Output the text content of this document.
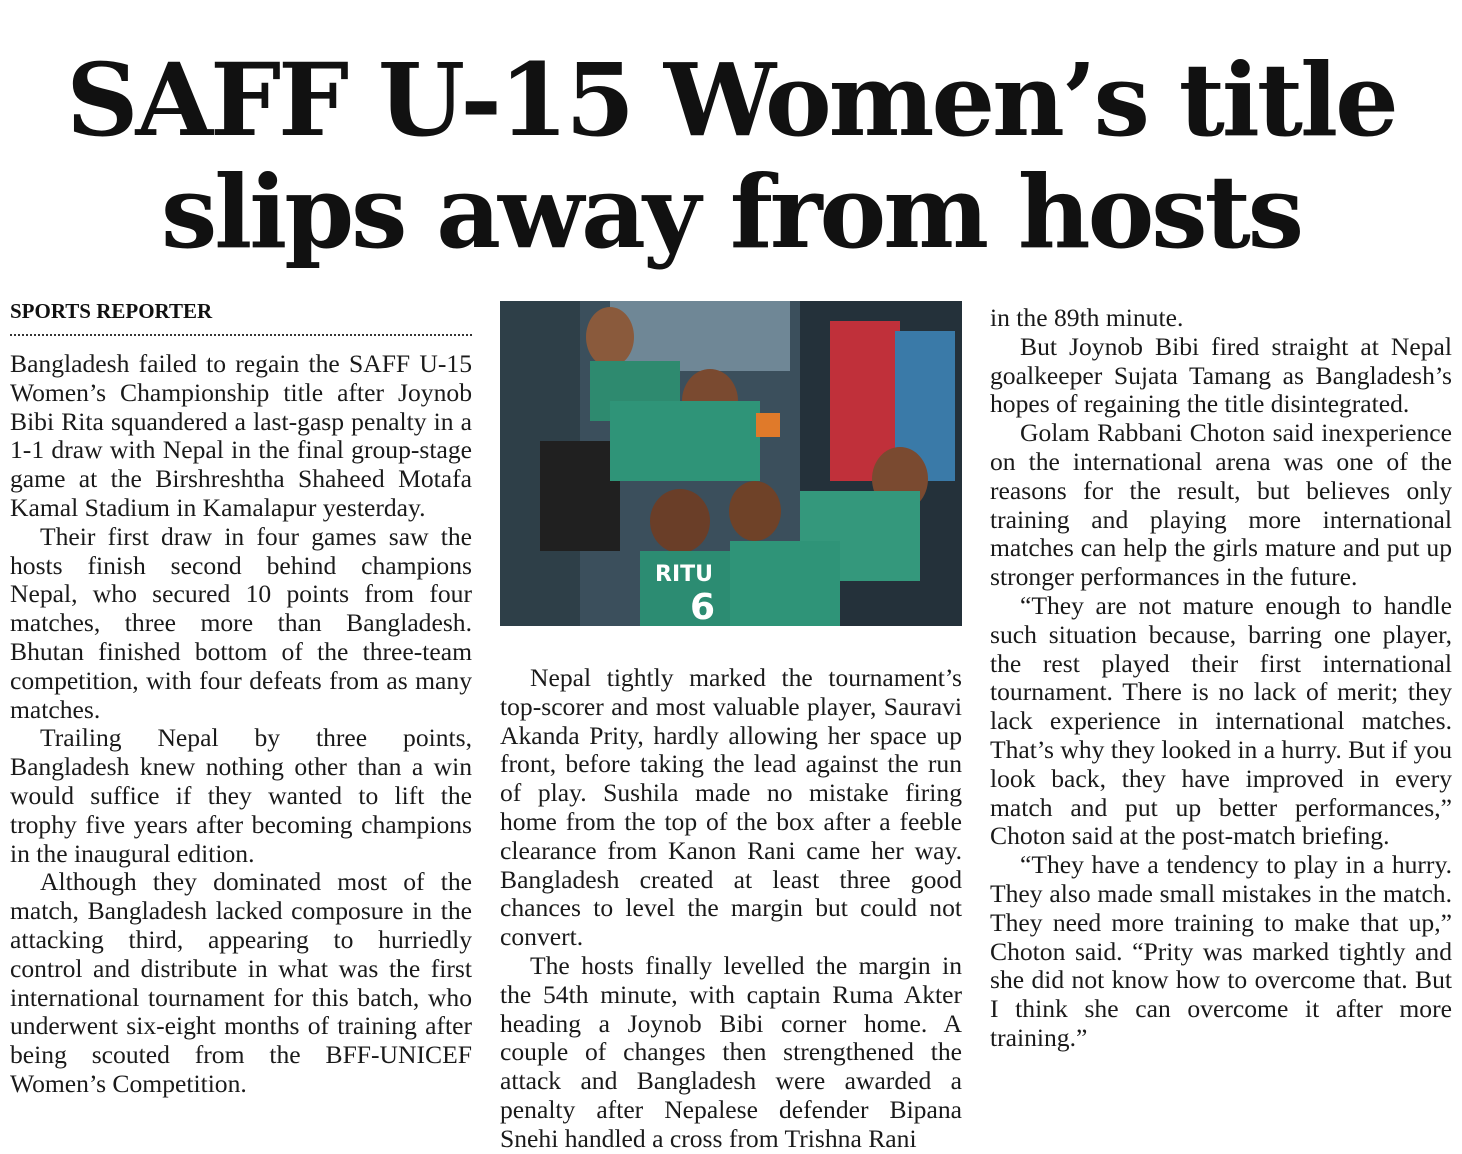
SAFF U-15 Women’s title
slips away from hosts
SPORTS REPORTER

Bangladesh failed to regain the SAFF U-15 Women’s Championship title after Joynob Bibi Rita squandered a last-gasp penalty in a 1-1 draw with Nepal in the final group-stage game at the Birshreshtha Shaheed Motafa Kamal Stadium in Kamalapur yesterday.

Their first draw in four games saw the hosts finish second behind champions Nepal, who secured 10 points from four matches, three more than Bangladesh. Bhutan finished bottom of the three-team competition, with four defeats from as many matches.

Trailing Nepal by three points, Bangladesh knew nothing other than a win would suffice if they wanted to lift the trophy five years after becoming champions in the inaugural edition.

Although they dominated most of the match, Bangladesh lacked composure in the attacking third, appearing to hurriedly control and distribute in what was the first international tournament for this batch, who underwent six-eight months of training after being scouted from the BFF-UNICEF Women’s Competition.

RITU
6

Nepal tightly marked the tournament’s top-scorer and most valuable player, Sauravi Akanda Prity, hardly allowing her space up front, before taking the lead against the run of play. Sushila made no mistake firing home from the top of the box after a feeble clearance from Kanon Rani came her way. Bangladesh created at least three good chances to level the margin but could not convert.

The hosts finally levelled the margin in the 54th minute, with captain Ruma Akter heading a Joynob Bibi corner home. A couple of changes then strengthened the attack and Bangladesh were awarded a penalty after Nepalese defender Bipana Snehi handled a cross from Trishna Rani

in the 89th minute.

But Joynob Bibi fired straight at Nepal goalkeeper Sujata Tamang as Bangladesh’s hopes of regaining the title disintegrated.

Golam Rabbani Choton said inexperience on the international arena was one of the reasons for the result, but believes only training and playing more international matches can help the girls mature and put up stronger performances in the future.

“They are not mature enough to handle such situation because, barring one player, the rest played their first international tournament. There is no lack of merit; they lack experience in international matches. That’s why they looked in a hurry. But if you look back, they have improved in every match and put up better performances,” Choton said at the post-match briefing.

“They have a tendency to play in a hurry. They also made small mistakes in the match. They need more training to make that up,” Choton said. “Prity was marked tightly and she did not know how to overcome that. But I think she can overcome it after more training.”
